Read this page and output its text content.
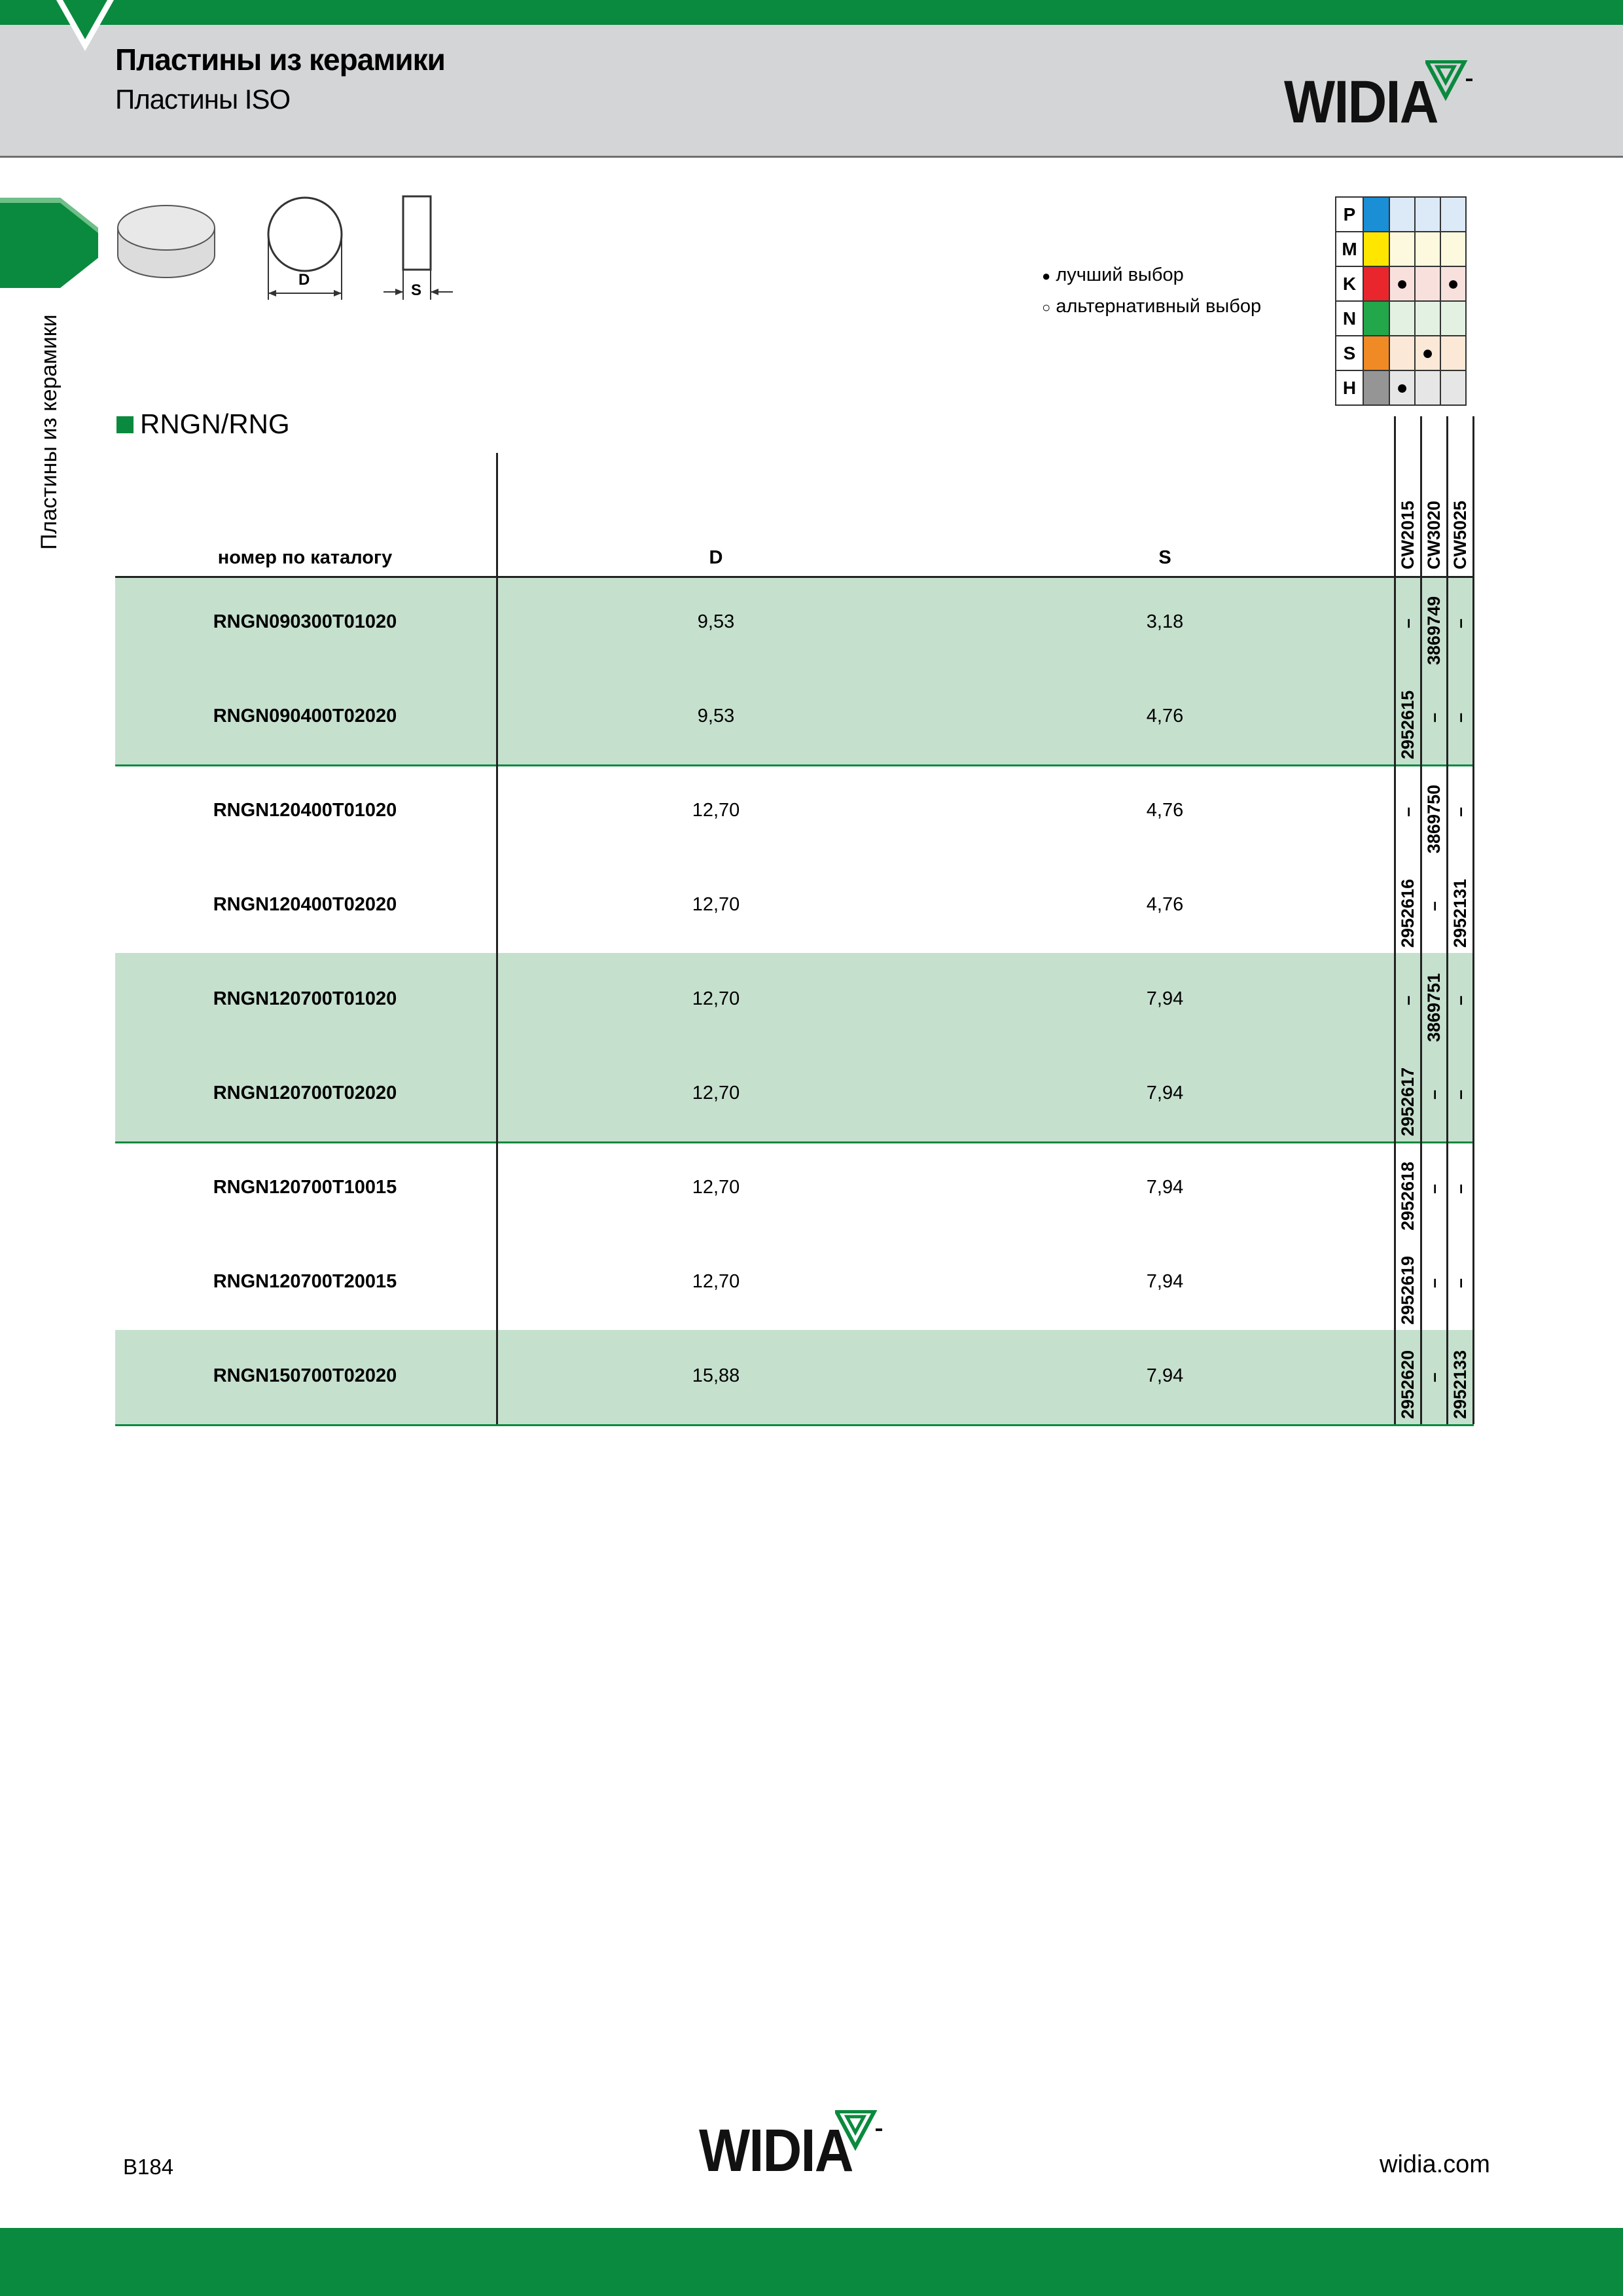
Пластины из керамики
Пластины ISO	WIDIA
Пластины из керамики
D
S
● лучший выбор
○ альтернативный выбор
P				
M				
K		●		●
N				
S			●	
H		●		
RNGN/RNG
номер по каталогу	D	S	CW2015 CW3020 CW5025
RNGN090300T01020	9,53	3,18	– 3869749 –
RNGN090400T02020	9,53	4,76	2952615 – –
RNGN120400T01020	12,70	4,76	– 3869750 –
RNGN120400T02020	12,70	4,76	2952616 – 2952131
RNGN120700T01020	12,70	7,94	– 3869751 –
RNGN120700T02020	12,70	7,94	2952617 – –
RNGN120700T10015	12,70	7,94	2952618 – –
RNGN120700T20015	12,70	7,94	2952619 – –
RNGN150700T02020	15,88	7,94	2952620 – 2952133
B184	WIDIA	widia.com
